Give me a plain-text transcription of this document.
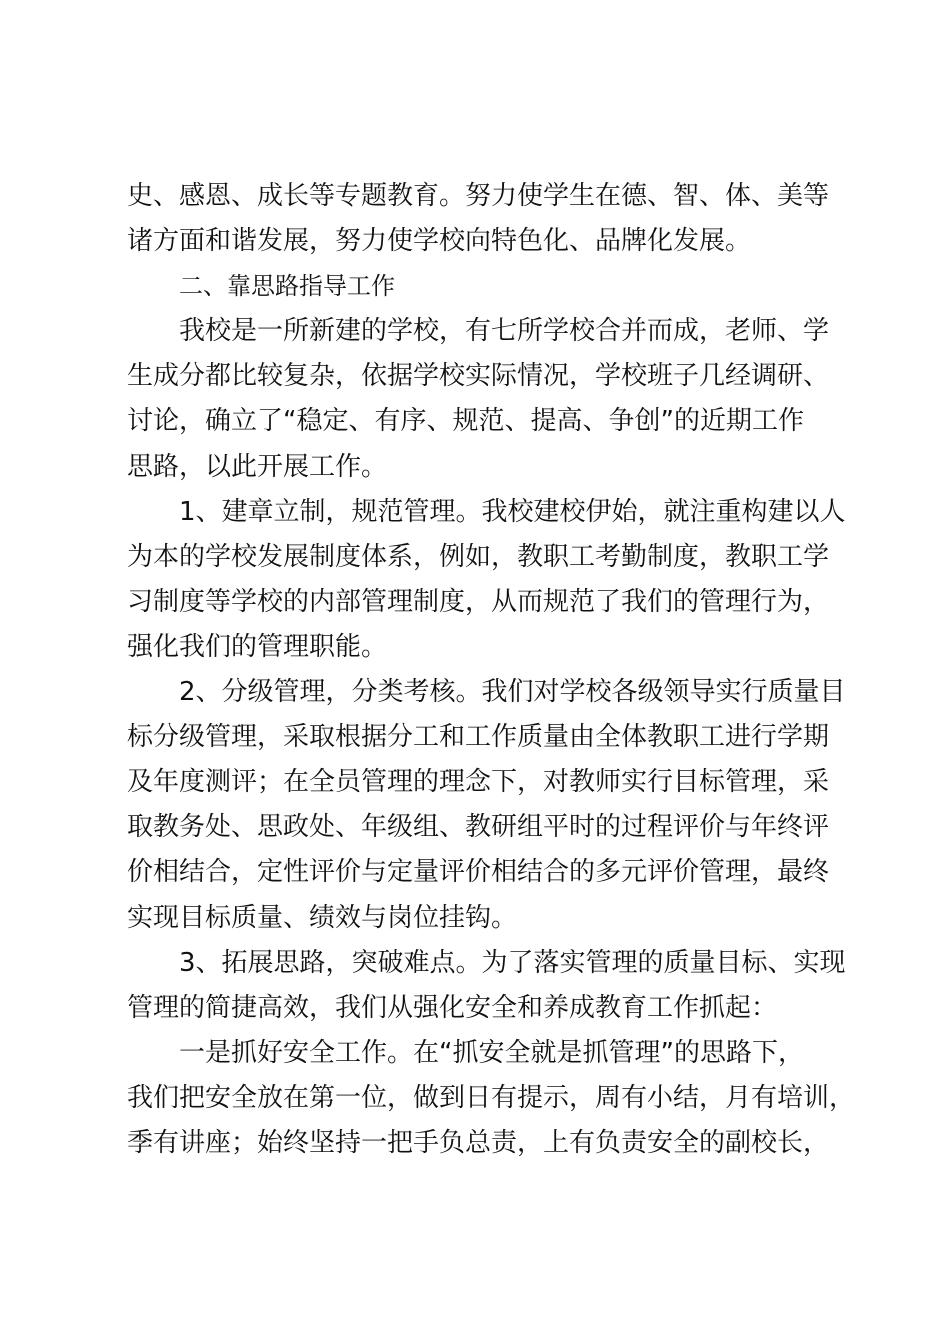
史、感恩、成长等专题教育。努力使学生在德、智、体、美等
诸方面和谐发展，努力使学校向特色化、品牌化发展。
二、靠思路指导工作
我校是一所新建的学校，有七所学校合并而成，老师、学
生成分都比较复杂，依据学校实际情况，学校班子几经调研、
讨论，确立了“稳定、有序、规范、提高、争创”的近期工作
思路，以此开展工作。
1、建章立制，规范管理。我校建校伊始，就注重构建以人
为本的学校发展制度体系，例如，教职工考勤制度，教职工学
习制度等学校的内部管理制度，从而规范了我们的管理行为，
强化我们的管理职能。
2、分级管理，分类考核。我们对学校各级领导实行质量目
标分级管理，采取根据分工和工作质量由全体教职工进行学期
及年度测评；在全员管理的理念下，对教师实行目标管理，采
取教务处、思政处、年级组、教研组平时的过程评价与年终评
价相结合，定性评价与定量评价相结合的多元评价管理，最终
实现目标质量、绩效与岗位挂钩。
3、拓展思路，突破难点。为了落实管理的质量目标、实现
管理的简捷高效，我们从强化安全和养成教育工作抓起：
一是抓好安全工作。在“抓安全就是抓管理”的思路下，
我们把安全放在第一位，做到日有提示，周有小结，月有培训，
季有讲座；始终坚持一把手负总责，上有负责安全的副校长，
